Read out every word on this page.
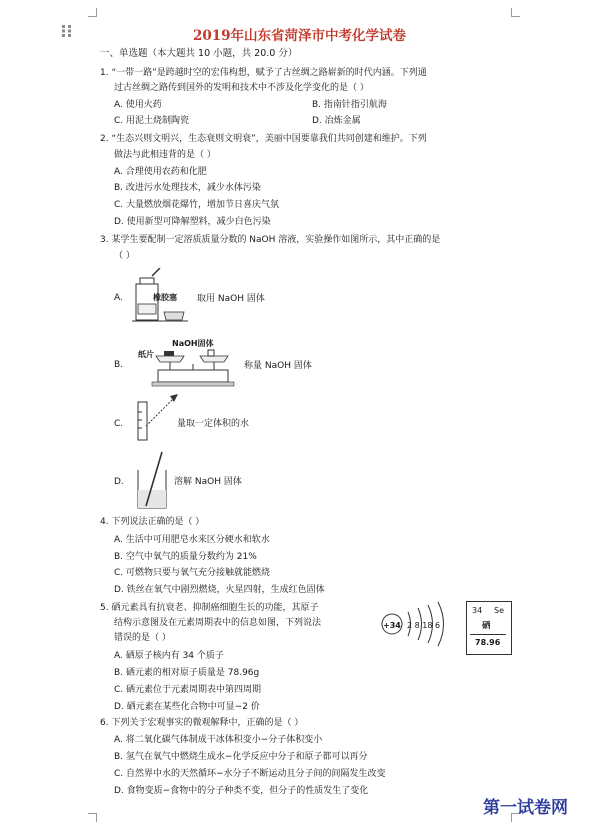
2019年山东省菏泽市中考化学试卷
一、单选题（本大题共 10 小题，共 20.0 分）
1. “一带一路”是跨越时空的宏伟构想，赋予了古丝绸之路崭新的时代内涵。下列通
过古丝绸之路传到国外的发明和技术中不涉及化学变化的是（ ）
A. 使用火药	B. 指南针指引航海
C. 用泥土烧制陶瓷	D. 冶炼金属
2. “生态兴则文明兴，生态衰则文明衰”，美丽中国要靠我们共同创建和维护。下列
做法与此相违背的是（ ）
A. 合理使用农药和化肥
B. 改进污水处理技术，减少水体污染
C. 大量燃放烟花爆竹，增加节日喜庆气氛
D. 使用新型可降解塑料，减少白色污染
3. 某学生要配制一定溶质质量分数的 NaOH 溶液，实验操作如图所示，其中正确的是
（ ）
A.	橡胶塞 取用 NaOH 固体
B.
NaOH固体
纸片
称量 NaOH 固体
C.	量取一定体积的水
D.	溶解 NaOH 固体
4. 下列说法正确的是（ ）
A. 生活中可用肥皂水来区分硬水和软水
B. 空气中氧气的质量分数约为 21%
C. 可燃物只要与氧气充分接触就能燃烧
D. 铁丝在氧气中剧烈燃烧，火星四射，生成红色固体
5. 硒元素具有抗衰老、抑制癌细胞生长的功能，其原子
结构示意图及在元素周期表中的信息如图，下列说法
错误的是（ ）
A. 硒原子核内有 34 个质子
B. 硒元素的相对原子质量是 78.96g
C. 硒元素位于元素周期表中第四周期
D. 硒元素在某些化合物中可显−2 价
+34 2 8 18 6
34 Se
硒
78.96
6. 下列关于宏观事实的微观解释中，正确的是（ ）
A. 将二氧化碳气体制成干冰体积变小−分子体积变小
B. 氢气在氧气中燃烧生成水−化学反应中分子和原子都可以再分
C. 自然界中水的天然循环−水分子不断运动且分子间的间隔发生改变
D. 食物变质−食物中的分子种类不变，但分子的性质发生了变化
第一试卷网
